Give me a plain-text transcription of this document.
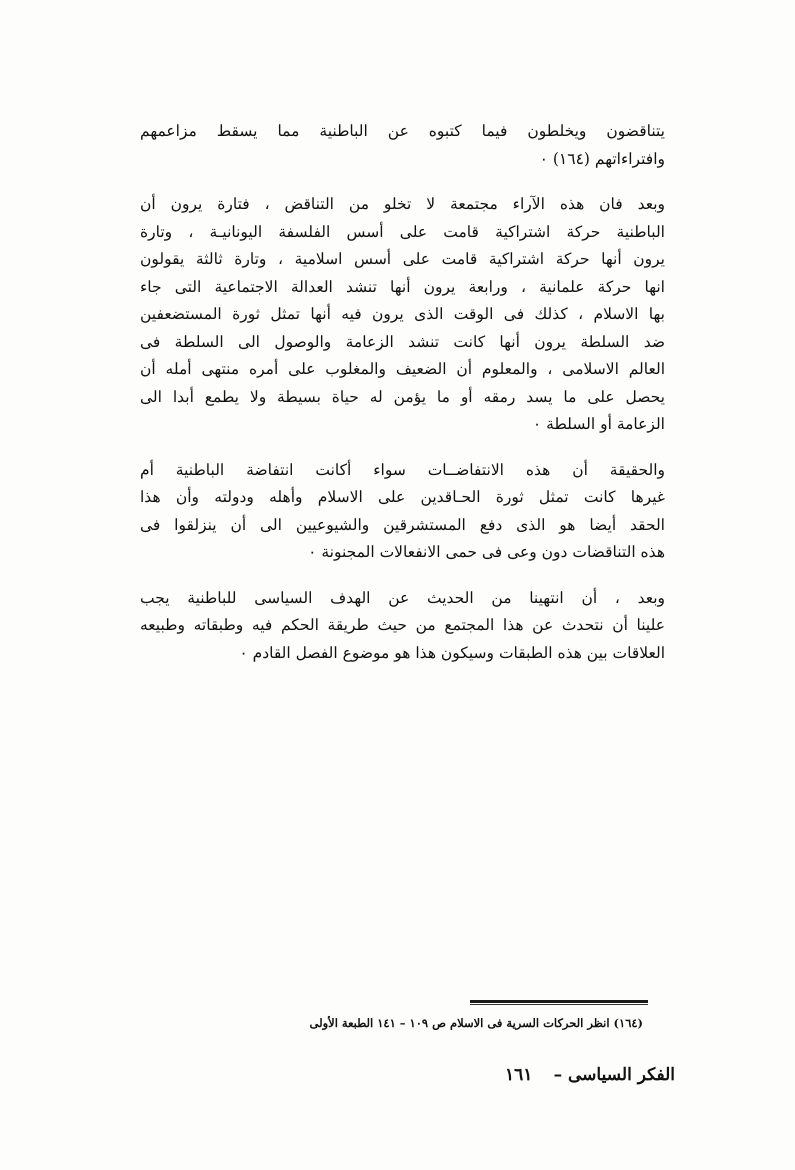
يتناقضون ويخلطون فيما كتبوه عن الباطنية مما يسقط مزاعمهم
وافتراءاتهم (١٦٤) ٠
وبعد فان هذه الآراء مجتمعة لا تخلو من التناقض ، فتارة يرون أن
الباطنية حركة اشتراكية قامت على أسس الفلسفة اليونانيـة ، وتارة
يرون أنها حركة اشتراكية قامت على أسس اسلامية ، وتارة ثالثة يقولون
انها حركة علمانية ، ورابعة يرون أنها تنشد العدالة الاجتماعية التى جاء
بها الاسلام ، كذلك فى الوقت الذى يرون فيه أنها تمثل ثورة المستضعفين
ضد السلطة يرون أنها كانت تنشد الزعامة والوصول الى السلطة فى
العالم الاسلامى ، والمعلوم أن الضعيف والمغلوب على أمره منتهى أمله أن
يحصل على ما يسد رمقه أو ما يؤمن له حياة بسيطة ولا يطمع أبدا الى
الزعامة أو السلطة ٠
والحقيقة أن هذه الانتفاضــات سواء أكانت انتفاضة الباطنية أم
غيرها كانت تمثل ثورة الحـاقدين على الاسلام وأهله ودولته وأن هذا
الحقد أيضا هو الذى دفع المستشرقين والشيوعيين الى أن ينزلقوا فى
هذه التناقضات دون وعى فى حمى الانفعالات المجنونة ٠
وبعد ، أن انتهينا من الحديث عن الهدف السياسى للباطنية يجب
علينا أن نتحدث عن هذا المجتمع من حيث طريقة الحكم فيه وطبقاته وطبيعه
العلاقات بين هذه الطبقات وسيكون هذا هو موضوع الفصل القادم ٠
(١٦٤) انظر الحركات السرية فى الاسلام ص ١٠٩ – ١٤١ الطبعة الأولى
الفكر السياسى –
١٦١
